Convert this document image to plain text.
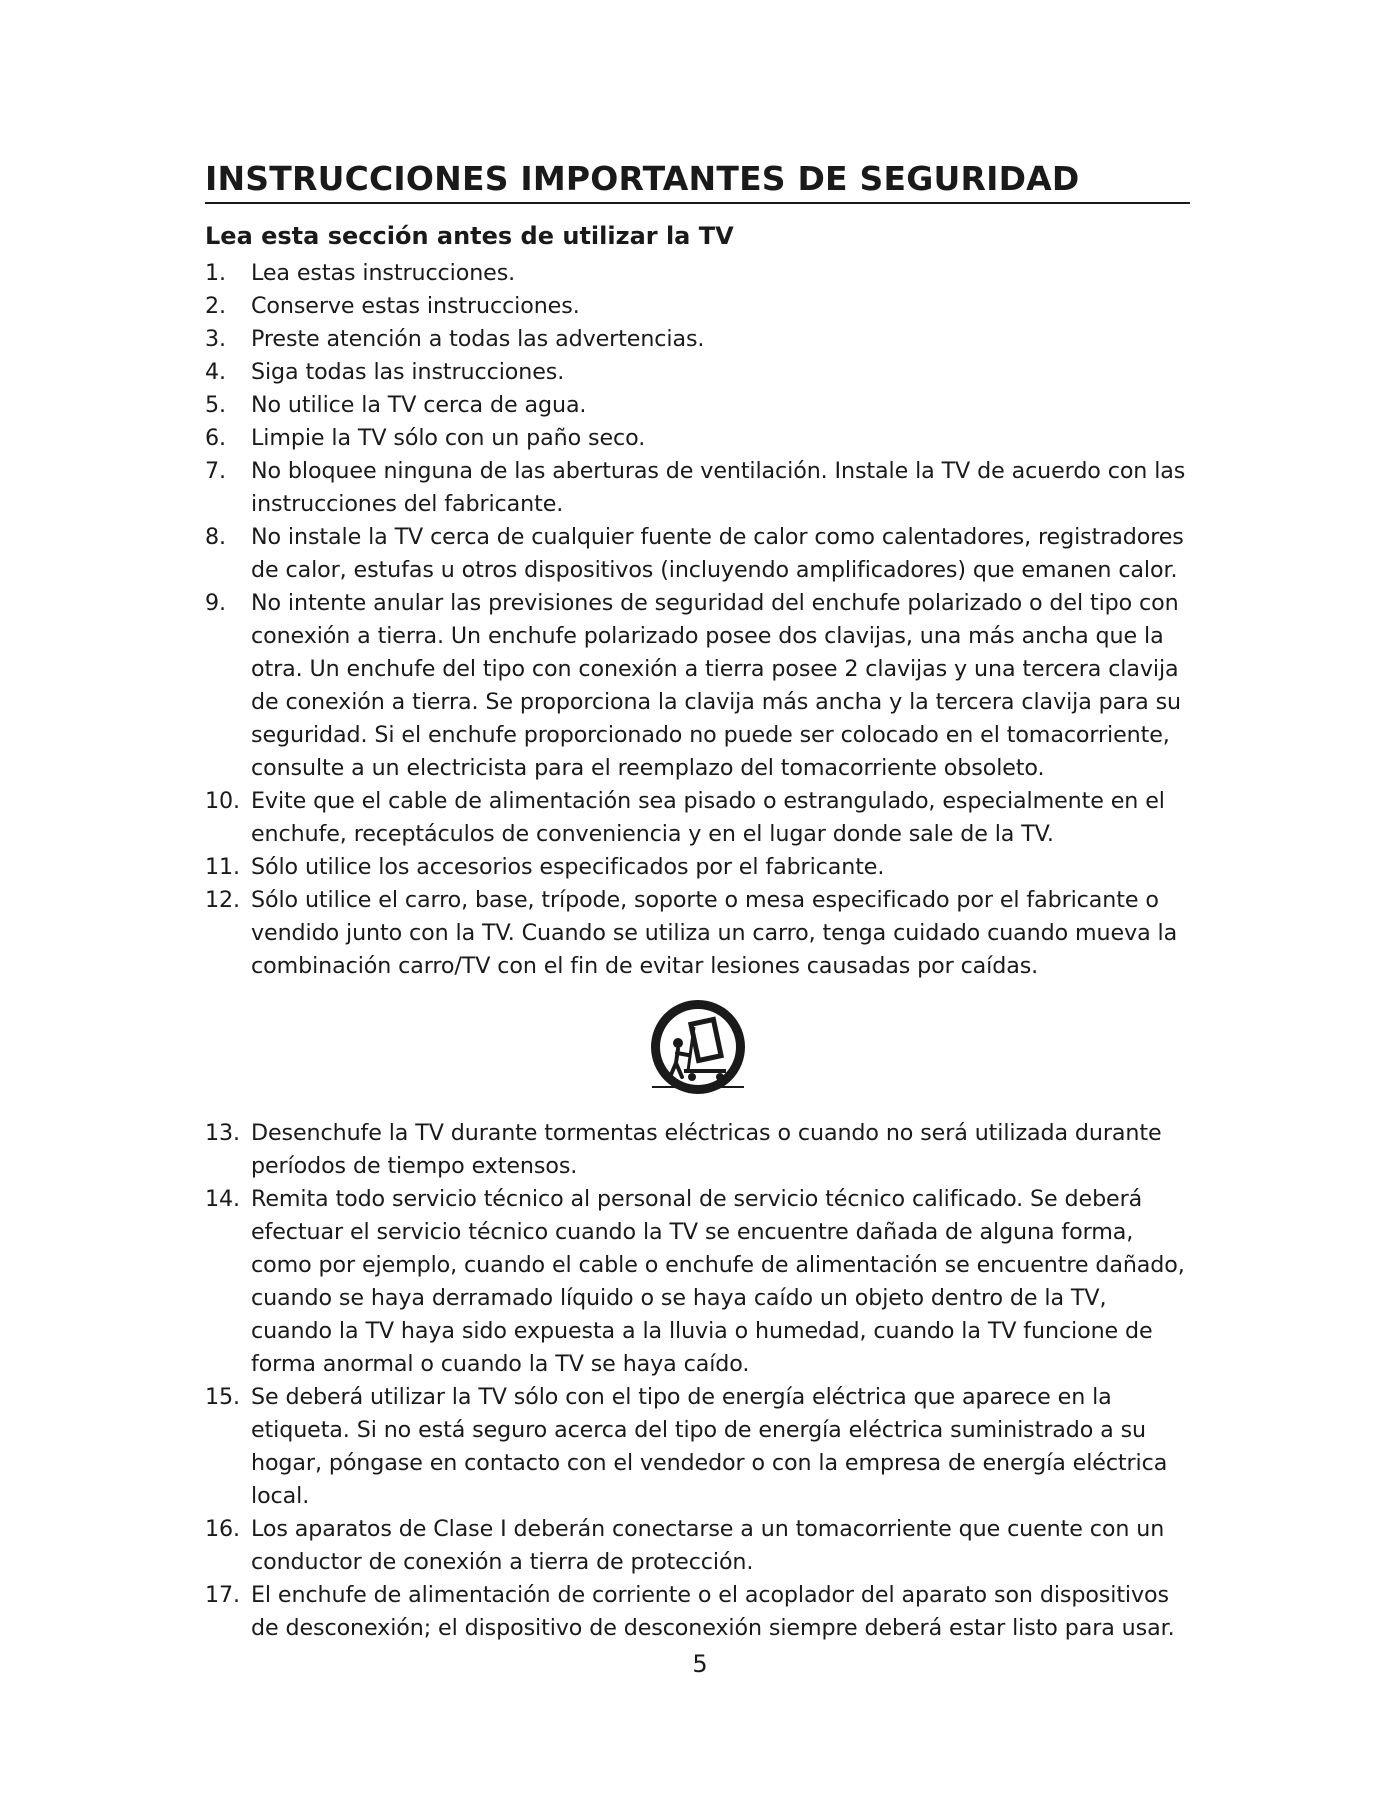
INSTRUCCIONES IMPORTANTES DE SEGURIDAD
Lea esta sección antes de utilizar la TV
1.	Lea estas instrucciones.
2.	Conserve estas instrucciones.
3.	Preste atención a todas las advertencias.
4.	Siga todas las instrucciones.
5.	No utilice la TV cerca de agua.
6.	Limpie la TV sólo con un paño seco.
7.	No bloquee ninguna de las aberturas de ventilación. Instale la TV de acuerdo con las instrucciones del fabricante.
8.	No instale la TV cerca de cualquier fuente de calor como calentadores, registradores de calor, estufas u otros dispositivos (incluyendo amplificadores) que emanen calor.
9.	No intente anular las previsiones de seguridad del enchufe polarizado o del tipo con conexión a tierra. Un enchufe polarizado posee dos clavijas, una más ancha que la otra. Un enchufe del tipo con conexión a tierra posee 2 clavijas y una tercera clavija de conexión a tierra. Se proporciona la clavija más ancha y la tercera clavija para su seguridad. Si el enchufe proporcionado no puede ser colocado en el tomacorriente, consulte a un electricista para el reemplazo del tomacorriente obsoleto.
10. Evite que el cable de alimentación sea pisado o estrangulado, especialmente en el enchufe, receptáculos de conveniencia y en el lugar donde sale de la TV.
11. Sólo utilice los accesorios especificados por el fabricante.
12. Sólo utilice el carro, base, trípode, soporte o mesa especificado por el fabricante o vendido junto con la TV. Cuando se utiliza un carro, tenga cuidado cuando mueva la combinación carro/TV con el fin de evitar lesiones causadas por caídas.
13. Desenchufe la TV durante tormentas eléctricas o cuando no será utilizada durante períodos de tiempo extensos.
14. Remita todo servicio técnico al personal de servicio técnico calificado. Se deberá efectuar el servicio técnico cuando la TV se encuentre dañada de alguna forma, como por ejemplo, cuando el cable o enchufe de alimentación se encuentre dañado, cuando se haya derramado líquido o se haya caído un objeto dentro de la TV, cuando la TV haya sido expuesta a la lluvia o humedad, cuando la TV funcione de forma anormal o cuando la TV se haya caído.
15. Se deberá utilizar la TV sólo con el tipo de energía eléctrica que aparece en la etiqueta. Si no está seguro acerca del tipo de energía eléctrica suministrado a su hogar, póngase en contacto con el vendedor o con la empresa de energía eléctrica local.
16. Los aparatos de Clase I deberán conectarse a un tomacorriente que cuente con un conductor de conexión a tierra de protección.
17. El enchufe de alimentación de corriente o el acoplador del aparato son dispositivos de desconexión; el dispositivo de desconexión siempre deberá estar listo para usar.
5
